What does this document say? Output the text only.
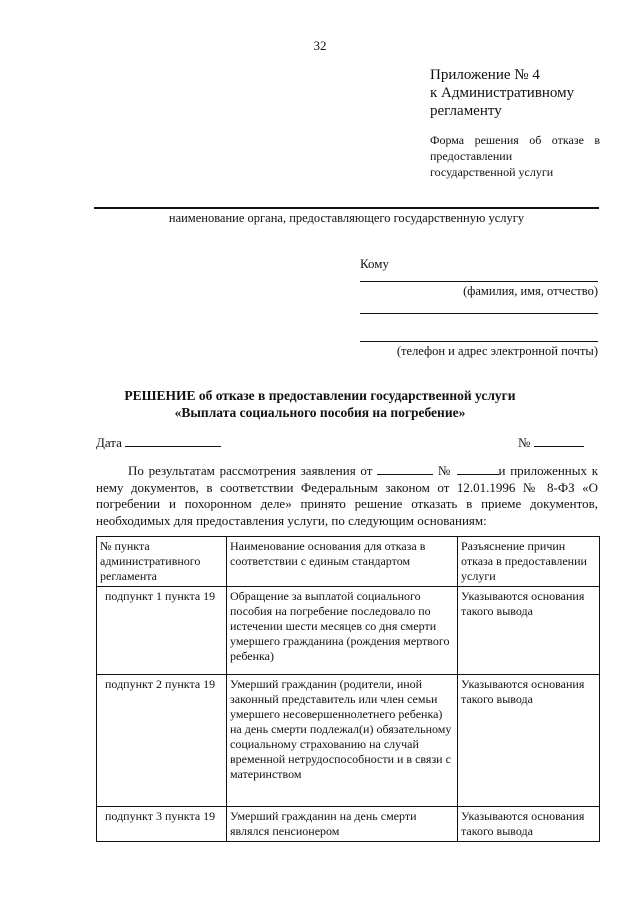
32
Приложение № 4
к Административному
регламенту
Форма решения об отказе в предоставлении государственной услуги
наименование органа, предоставляющего государственную услугу
Кому
(фамилия, имя, отчество)
(телефон и адрес электронной почты)
РЕШЕНИЕ об отказе в предоставлении государственной услуги
«Выплата социального пособия на погребение»
Дата	№
По результатам рассмотрения заявления от	№	и приложенных к нему документов, в соответствии Федеральным законом от 12.01.1996 № 8-ФЗ «О погребении и похоронном деле» принято решение отказать в приеме документов, необходимых для предоставления услуги, по следующим основаниям:
№ пункта административного регламента	Наименование основания для отказа в соответствии с единым стандартом	Разъяснение причин отказа в предоставлении услуги
подпункт 1 пункта 19	Обращение за выплатой социального пособия на погребение последовало по истечении шести месяцев со дня смерти умершего гражданина (рождения мертвого ребенка)	Указываются основания такого вывода
подпункт 2 пункта 19	Умерший гражданин (родители, иной законный представитель или член семьи умершего несовершеннолетнего ребенка) на день смерти подлежал(и) обязательному социальному страхованию на случай временной нетрудоспособности и в связи с материнством	Указываются основания такого вывода
подпункт 3 пункта 19	Умерший гражданин на день смерти являлся пенсионером	Указываются основания такого вывода
